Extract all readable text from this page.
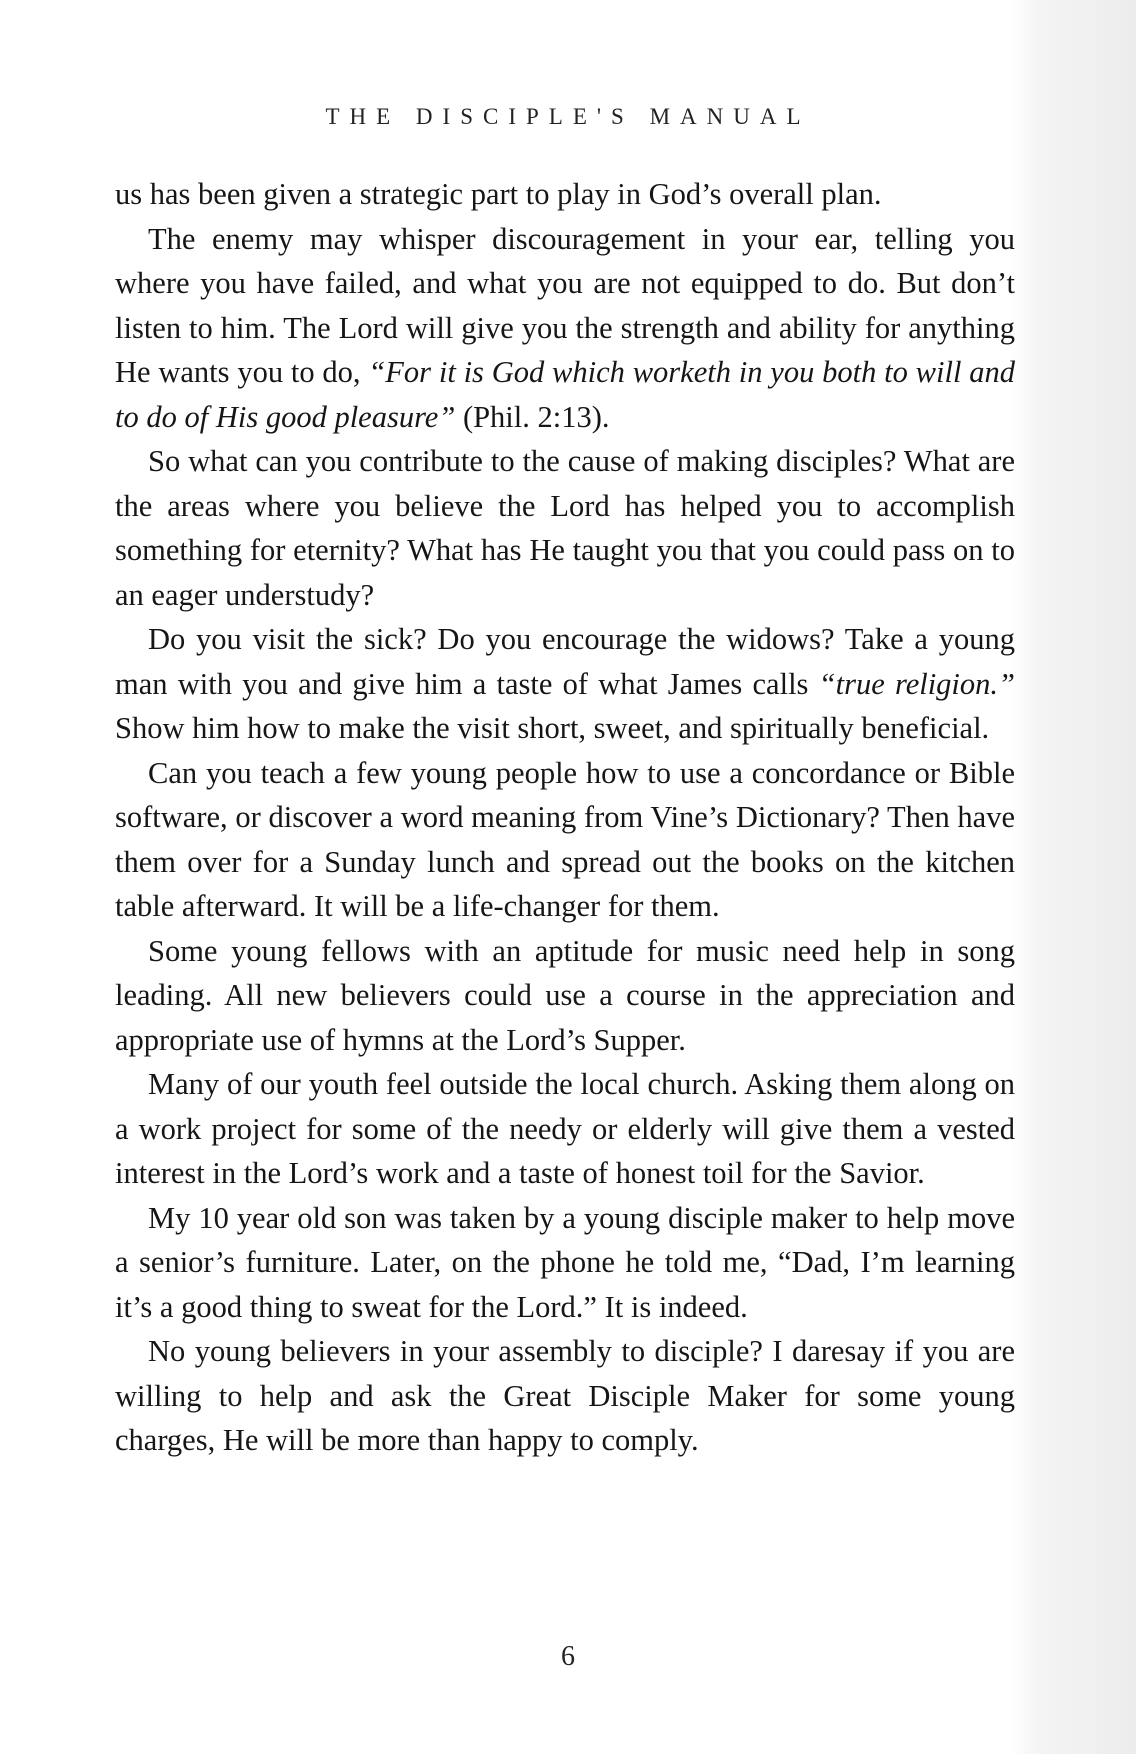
THE DISCIPLE'S MANUAL

us has been given a strategic part to play in God’s overall plan.

The enemy may whisper discouragement in your ear, telling you where you have failed, and what you are not equipped to do. But don’t listen to him. The Lord will give you the strength and ability for anything He wants you to do, “For it is God which worketh in you both to will and to do of His good pleasure” (Phil. 2:13).

So what can you contribute to the cause of making disciples? What are the areas where you believe the Lord has helped you to accomplish something for eternity? What has He taught you that you could pass on to an eager understudy?

Do you visit the sick? Do you encourage the widows? Take a young man with you and give him a taste of what James calls “true religion.” Show him how to make the visit short, sweet, and spiritually beneficial.

Can you teach a few young people how to use a concordance or Bible software, or discover a word meaning from Vine’s Dictionary? Then have them over for a Sunday lunch and spread out the books on the kitchen table afterward. It will be a life-changer for them.

Some young fellows with an aptitude for music need help in song leading. All new believers could use a course in the appreciation and appropriate use of hymns at the Lord’s Supper.

Many of our youth feel outside the local church. Asking them along on a work project for some of the needy or elderly will give them a vested interest in the Lord’s work and a taste of honest toil for the Savior.

My 10 year old son was taken by a young disciple maker to help move a senior’s furniture. Later, on the phone he told me, “Dad, I’m learning it’s a good thing to sweat for the Lord.” It is indeed.

No young believers in your assembly to disciple? I daresay if you are willing to help and ask the Great Disciple Maker for some young charges, He will be more than happy to comply.

6
